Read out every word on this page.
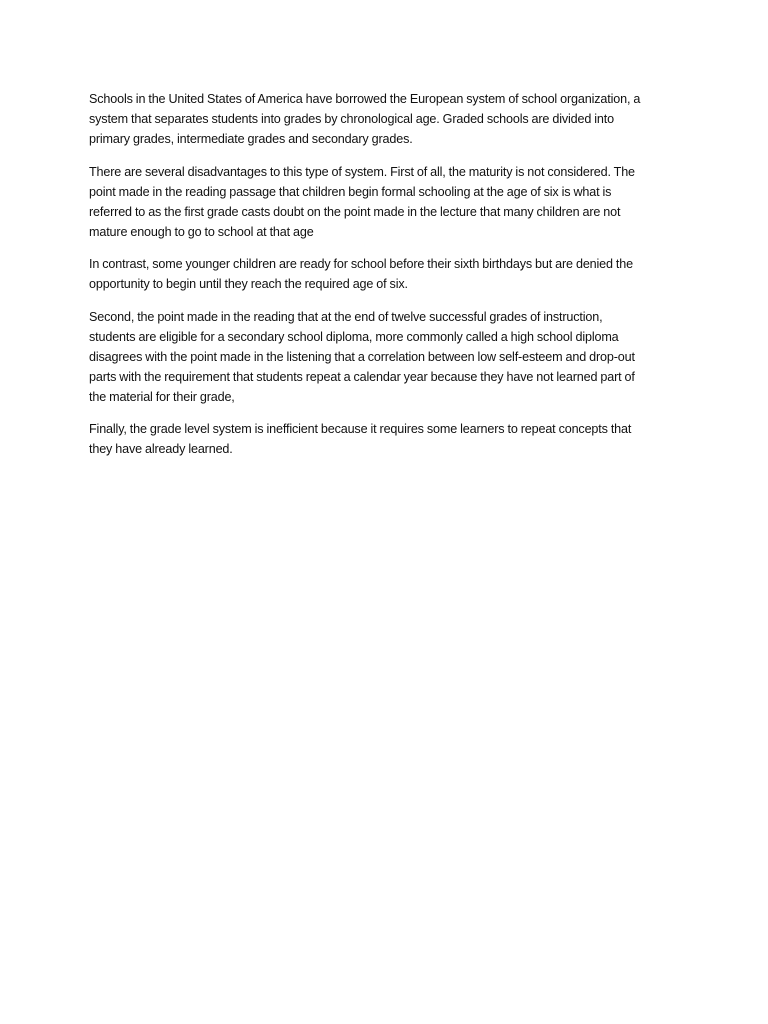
Schools in the United States of America have borrowed the European system of school organization, a
system that separates students into grades by chronological age. Graded schools are divided into
primary grades, intermediate grades and secondary grades.

There are several disadvantages to this type of system. First of all, the maturity is not considered. The
point made in the reading passage that children begin formal schooling at the age of six is what is
referred to as the first grade casts doubt on the point made in the lecture that many children are not
mature enough to go to school at that age

In contrast, some younger children are ready for school before their sixth birthdays but are denied the
opportunity to begin until they reach the required age of six.

Second, the point made in the reading that at the end of twelve successful grades of instruction,
students are eligible for a secondary school diploma, more commonly called a high school diploma
disagrees with the point made in the listening that a correlation between low self-esteem and drop-out
parts with the requirement that students repeat a calendar year because they have not learned part of
the material for their grade,

Finally, the grade level system is inefficient because it requires some learners to repeat concepts that
they have already learned.
